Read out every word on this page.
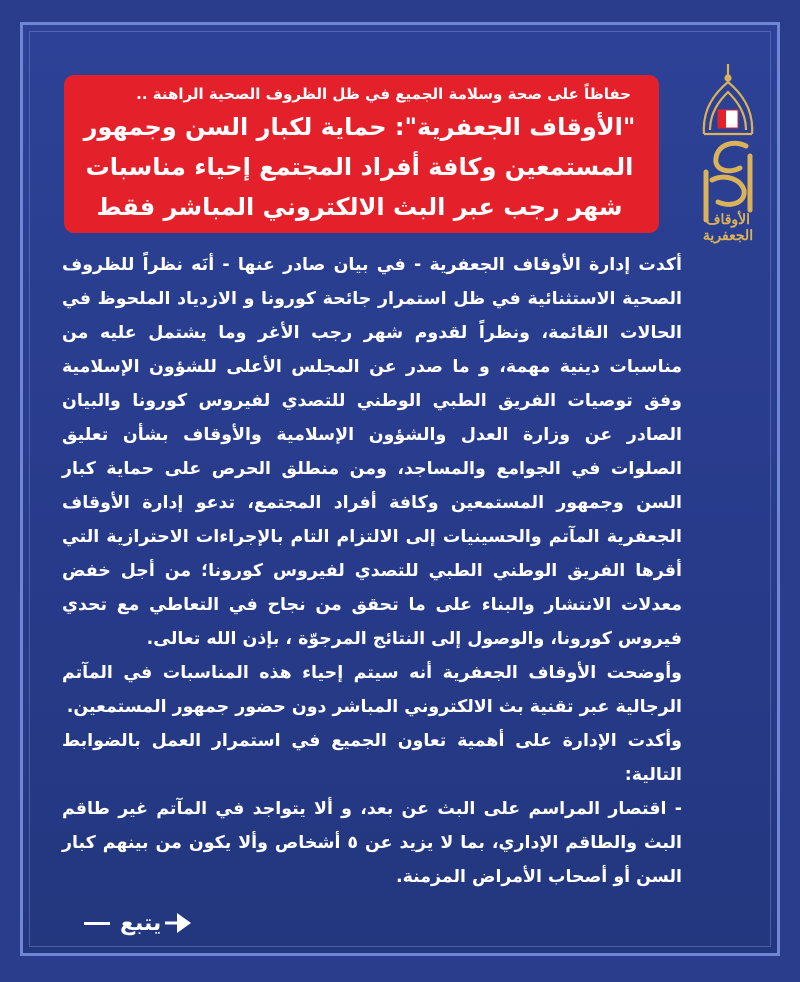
الأوقاف الجعفرية
حفاظاً على صحة وسلامة الجميع في ظل الظروف الصحية الراهنة ..
"الأوقاف الجعفرية": حماية لكبار السن وجمهور
المستمعين وكافة أفراد المجتمع إحياء مناسبات
شهر رجب عبر البث الالكتروني المباشر فقط

أكدت إدارة الأوقاف الجعفرية - في بيان صادر عنها - أنَه نظراً للظروف الصحية الاستثنائية في ظل استمرار جائحة كورونا و الازدياد الملحوظ في الحالات القائمة، ونظراً لقدوم شهر رجب الأغر وما يشتمل عليه من مناسبات دينية مهمة، و ما صدر عن المجلس الأعلى للشؤون الإسلامية وفق توصيات الفريق الطبي الوطني للتصدي لفيروس كورونا والبيان الصادر عن وزارة العدل والشؤون الإسلامية والأوقاف بشأن تعليق الصلوات في الجوامع والمساجد، ومن منطلق الحرص على حماية كبار السن وجمهور المستمعين وكافة أفراد المجتمع، تدعو إدارة الأوقاف الجعفرية المآتم والحسينيات إلى الالتزام التام بالإجراءات الاحترازية التي أقرها الفريق الوطني الطبي للتصدي لفيروس كورونا؛ من أجل خفض معدلات الانتشار والبناء على ما تحقق من نجاح في التعاطي مع تحدي فيروس كورونا، والوصول إلى النتائج المرجوّة ، بإذن الله تعالى.

وأوضحت الأوقاف الجعفرية أنه سيتم إحياء هذه المناسبات في المآتم الرجالية عبر تقنية بث الالكتروني المباشر دون حضور جمهور المستمعين.

وأكدت الإدارة على أهمية تعاون الجميع في استمرار العمل بالضوابط التالية:

- اقتصار المراسم على البث عن بعد، و ألا يتواجد في المآتم غير طاقم البث والطاقم الإداري، بما لا يزيد عن ٥ أشخاص وألا يكون من بينهم كبار السن أو أصحاب الأمراض المزمنة.

يتبع
